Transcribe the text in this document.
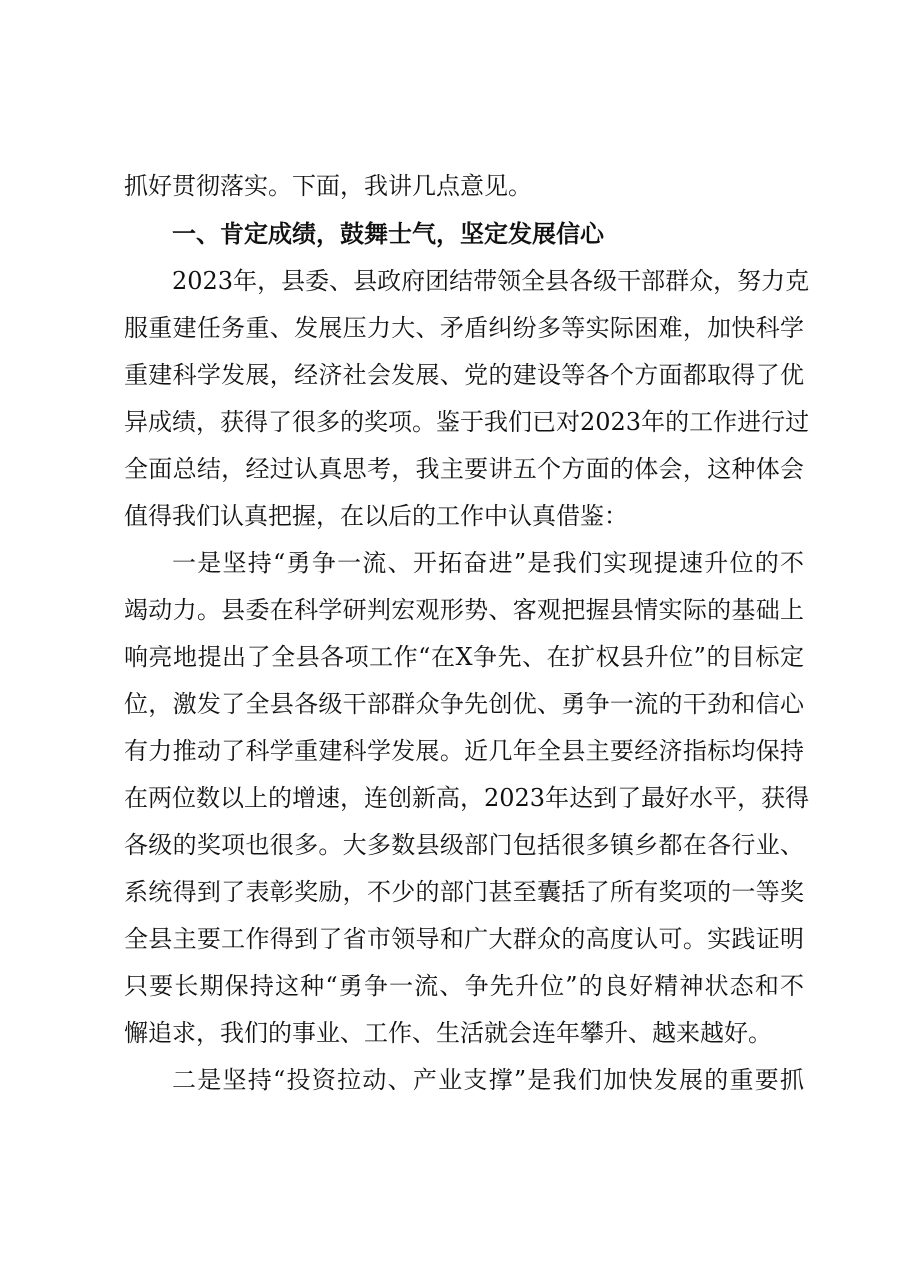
抓好贯彻落实。下面，我讲几点意见。
一、肯定成绩，鼓舞士气，坚定发展信心
2023年，县委、县政府团结带领全县各级干部群众，努力克
服重建任务重、发展压力大、矛盾纠纷多等实际困难，加快科学
重建科学发展，经济社会发展、党的建设等各个方面都取得了优
异成绩，获得了很多的奖项。鉴于我们已对2023年的工作进行过
全面总结，经过认真思考，我主要讲五个方面的体会，这种体会
值得我们认真把握，在以后的工作中认真借鉴：
一是坚持“勇争一流、开拓奋进”是我们实现提速升位的不
竭动力。县委在科学研判宏观形势、客观把握县情实际的基础上
响亮地提出了全县各项工作“在X争先、在扩权县升位”的目标定
位，激发了全县各级干部群众争先创优、勇争一流的干劲和信心
有力推动了科学重建科学发展。近几年全县主要经济指标均保持
在两位数以上的增速，连创新高，2023年达到了最好水平，获得
各级的奖项也很多。大多数县级部门包括很多镇乡都在各行业、
系统得到了表彰奖励，不少的部门甚至囊括了所有奖项的一等奖
全县主要工作得到了省市领导和广大群众的高度认可。实践证明
只要长期保持这种“勇争一流、争先升位”的良好精神状态和不
懈追求，我们的事业、工作、生活就会连年攀升、越来越好。
二是坚持“投资拉动、产业支撑”是我们加快发展的重要抓
